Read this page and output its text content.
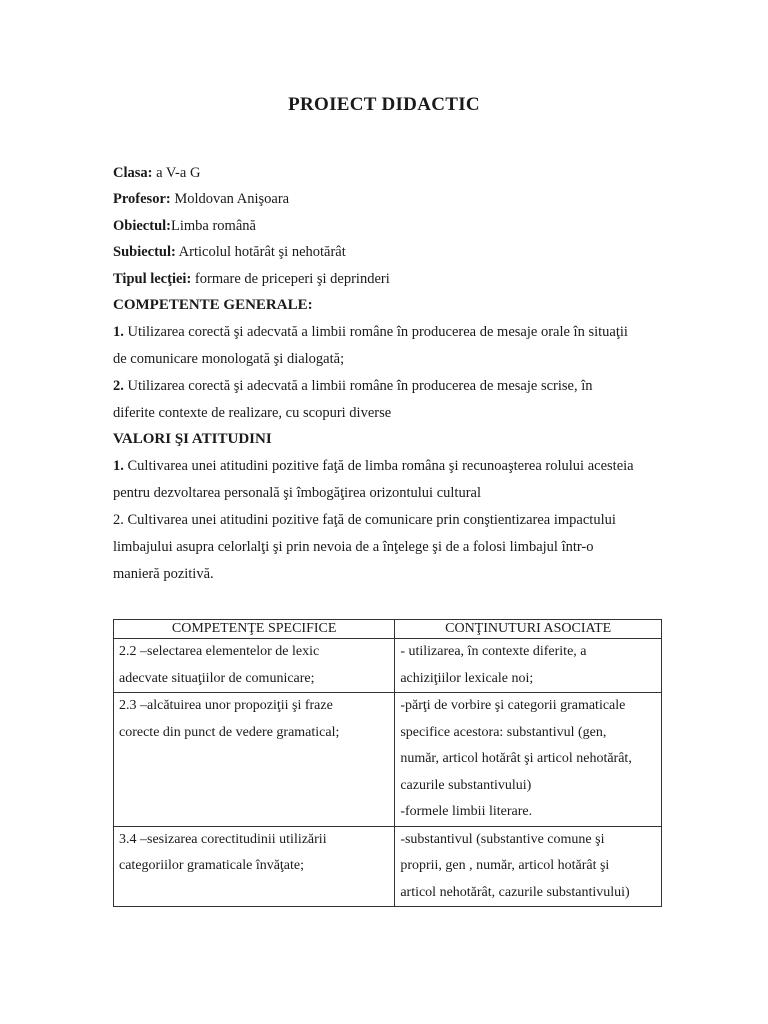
PROIECT DIDACTIC
Clasa: a V-a G
Profesor: Moldovan Anişoara
Obiectul:Limba română
Subiectul: Articolul hotărât şi nehotărât
Tipul lecţiei: formare de priceperi şi deprinderi
COMPETENTE GENERALE:
1. Utilizarea corectă şi adecvată a limbii române în producerea de mesaje orale în situaţii
de comunicare monologată şi dialogată;
2. Utilizarea corectă şi adecvată a limbii române în producerea de mesaje scrise, în
diferite contexte de realizare, cu scopuri diverse
VALORI ŞI ATITUDINI
1. Cultivarea unei atitudini pozitive faţă de limba româna şi recunoaşterea rolului acesteia
pentru dezvoltarea personală şi îmbogăţirea orizontului cultural
2. Cultivarea unei atitudini pozitive faţă de comunicare prin conştientizarea impactului
limbajului asupra celorlalţi şi prin nevoia de a înţelege şi de a folosi limbajul într-o
manieră pozitivă.
COMPETENŢE SPECIFICE	CONŢINUTURI ASOCIATE

2.2 –selectarea elementelor de lexic
adecvate situaţiilor de comunicare;	- utilizarea, în contexte diferite, a
achiziţiilor lexicale noi;

2.3 –alcătuirea unor propoziţii şi fraze
corecte din punct de vedere gramatical;	-părţi de vorbire şi categorii gramaticale
specifice acestora: substantivul (gen,
număr, articol hotărât şi articol nehotărât,
cazurile substantivului)
-formele limbii literare.

3.4 –sesizarea corectitudinii utilizării
categoriilor gramaticale învăţate;	-substantivul (substantive comune şi
proprii, gen , număr, articol hotărât şi
articol nehotărât, cazurile substantivului)
